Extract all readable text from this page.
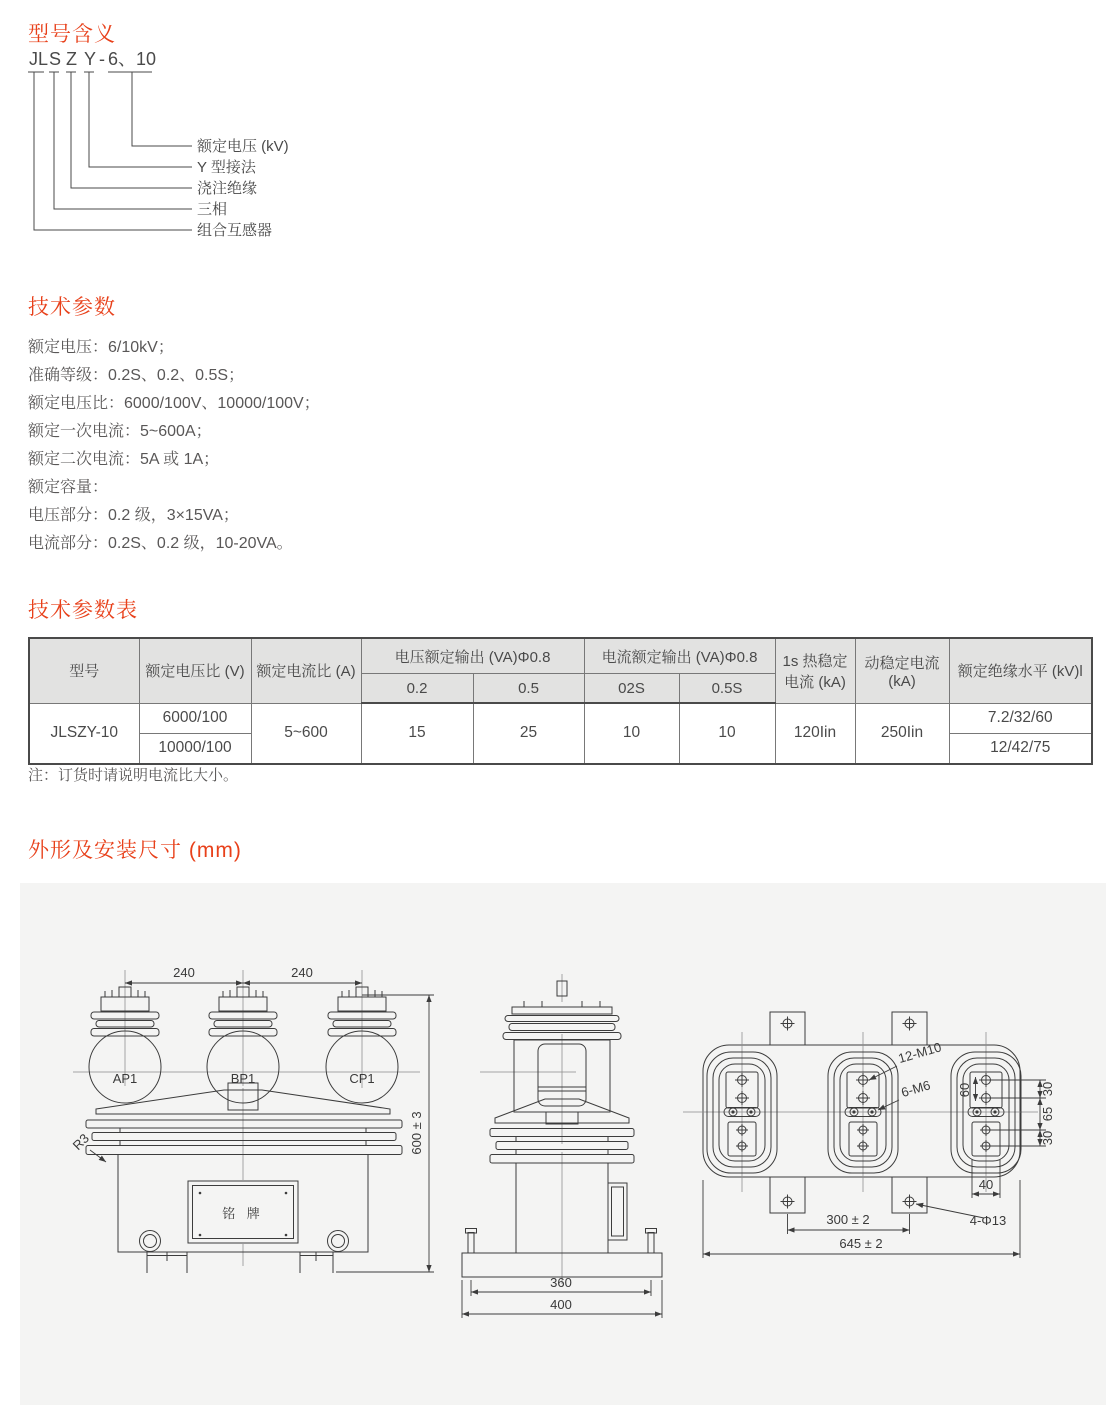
型号含义
JL S Z Y - 6、10
额定电压 (kV)
Y 型接法
浇注绝缘
三相
组合互感器
技术参数
额定电压：6/10kV；
准确等级：0.2S、0.2、0.5S；
额定电压比：6000/100V、10000/100V；
额定一次电流：5~600A；
额定二次电流：5A 或 1A；
额定容量：
电压部分：0.2 级，3×15VA；
电流部分：0.2S、0.2 级，10-20VA。
技术参数表
型号	额定电压比 (V)	额定电流比 (A)	电压额定输出 (VA)Φ0.8		电流额定输出 (VA)Φ0.8		1s 热稳定电流 (kA)	动稳定电流 (kA)	额定绝缘水平 (kV)l
			0.2	0.5	02S	0.5S			
JLSZY-10	6000/100	5~600	15	25	10	10	120Iin	250Iin	7.2/32/60
	10000/100								12/42/75
注：订货时请说明电流比大小。
外形及安装尺寸 (mm)
240	240
AP1	BP1	CP1
铭 牌
600 ± 3
R3
360
400
12-M10
6-M6 60	30
65
30
40
4-Φ13
300 ± 2
645 ± 2
